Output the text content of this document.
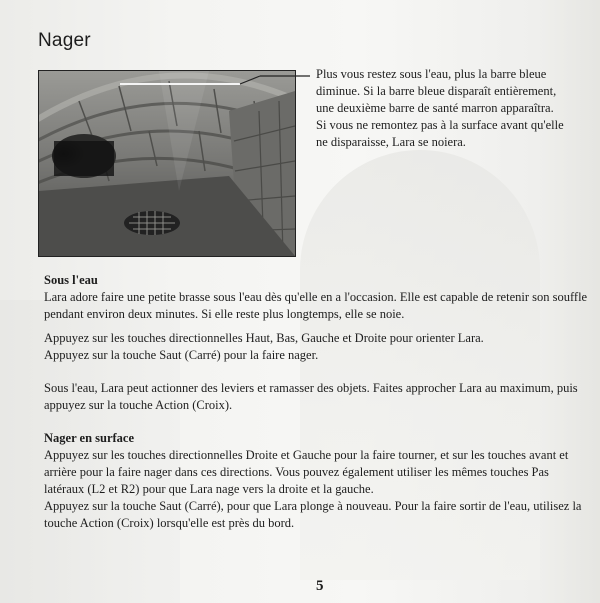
Nager
Plus vous restez sous l'eau, plus la barre bleue diminue. Si la barre bleue disparaît entièrement, une deuxième barre de santé marron apparaîtra. Si vous ne remontez pas à la surface avant qu'elle ne disparaisse, Lara se noiera.
Sous l'eau
Lara adore faire une petite brasse sous l'eau dès qu'elle en a l'occasion. Elle est capable de retenir son souffle pendant environ deux minutes. Si elle reste plus longtemps, elle se noie.
Appuyez sur les touches directionnelles Haut, Bas, Gauche et Droite pour orienter Lara.
Appuyez sur la touche Saut (Carré) pour la faire nager.
Sous l'eau, Lara peut actionner des leviers et ramasser des objets. Faites approcher Lara au maximum, puis appuyez sur la touche Action (Croix).
Nager en surface
Appuyez sur les touches directionnelles Droite et Gauche pour la faire tourner, et sur les touches avant et arrière pour la faire nager dans ces directions. Vous pouvez également utiliser les mêmes touches Pas latéraux (L2 et R2) pour que Lara nage vers la droite et la gauche.
Appuyez sur la touche Saut (Carré), pour que Lara plonge à nouveau. Pour la faire sortir de l'eau, utilisez la touche Action (Croix) lorsqu'elle est près du bord.
5
